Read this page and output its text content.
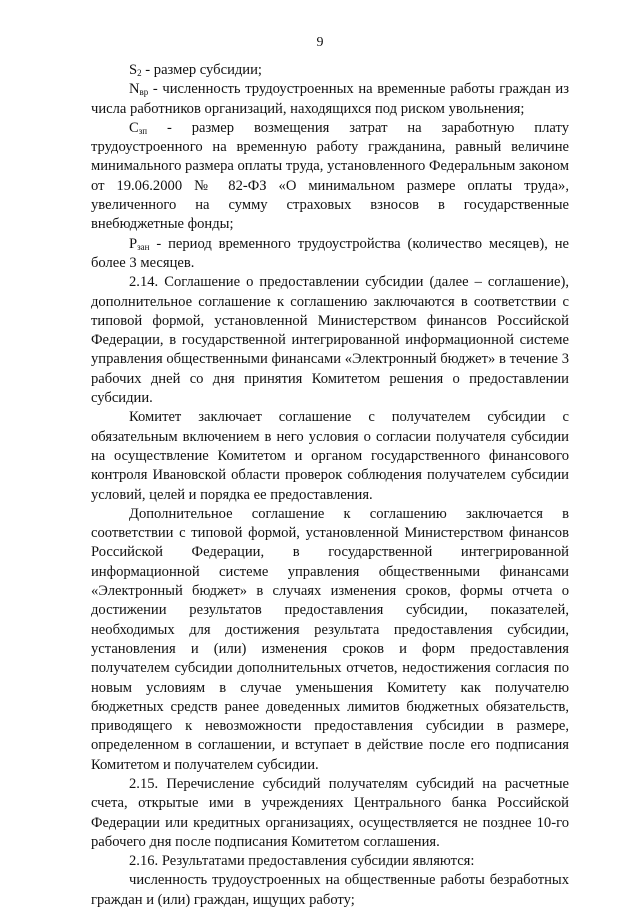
9

$S_2$ - размер субсидии;

$N_{вр}$ - численность трудоустроенных на временные работы граждан из числа работников организаций, находящихся под риском увольнения;

$C_{зп}$ - размер возмещения затрат на заработную плату трудоустроенного на временную работу гражданина, равный величине минимального размера оплаты труда, установленного Федеральным законом от 19.06.2000 № 82-ФЗ «О минимальном размере оплаты труда», увеличенного на сумму страховых взносов в государственные внебюджетные фонды;

$P_{зан}$ - период временного трудоустройства (количество месяцев), не более 3 месяцев.

2.14. Соглашение о предоставлении субсидии (далее – соглашение), дополнительное соглашение к соглашению заключаются в соответствии с типовой формой, установленной Министерством финансов Российской Федерации, в государственной интегрированной информационной системе управления общественными финансами «Электронный бюджет» в течение 3 рабочих дней со дня принятия Комитетом решения о предоставлении субсидии.

Комитет заключает соглашение с получателем субсидии с обязательным включением в него условия о согласии получателя субсидии на осуществление Комитетом и органом государственного финансового контроля Ивановской области проверок соблюдения получателем субсидии условий, целей и порядка ее предоставления.

Дополнительное соглашение к соглашению заключается в соответствии с типовой формой, установленной Министерством финансов Российской Федерации, в государственной интегрированной информационной системе управления общественными финансами «Электронный бюджет» в случаях изменения сроков, формы отчета о достижении результатов предоставления субсидии, показателей, необходимых для достижения результата предоставления субсидии, установления и (или) изменения сроков и форм предоставления получателем субсидии дополнительных отчетов, недостижения согласия по новым условиям в случае уменьшения Комитету как получателю бюджетных средств ранее доведенных лимитов бюджетных обязательств, приводящего к невозможности предоставления субсидии в размере, определенном в соглашении, и вступает в действие после его подписания Комитетом и получателем субсидии.

2.15. Перечисление субсидий получателям субсидий на расчетные счета, открытые ими в учреждениях Центрального банка Российской Федерации или кредитных организациях, осуществляется не позднее 10-го рабочего дня после подписания Комитетом соглашения.

2.16. Результатами предоставления субсидии являются:

численность трудоустроенных на общественные работы безработных граждан и (или) граждан, ищущих работу;
